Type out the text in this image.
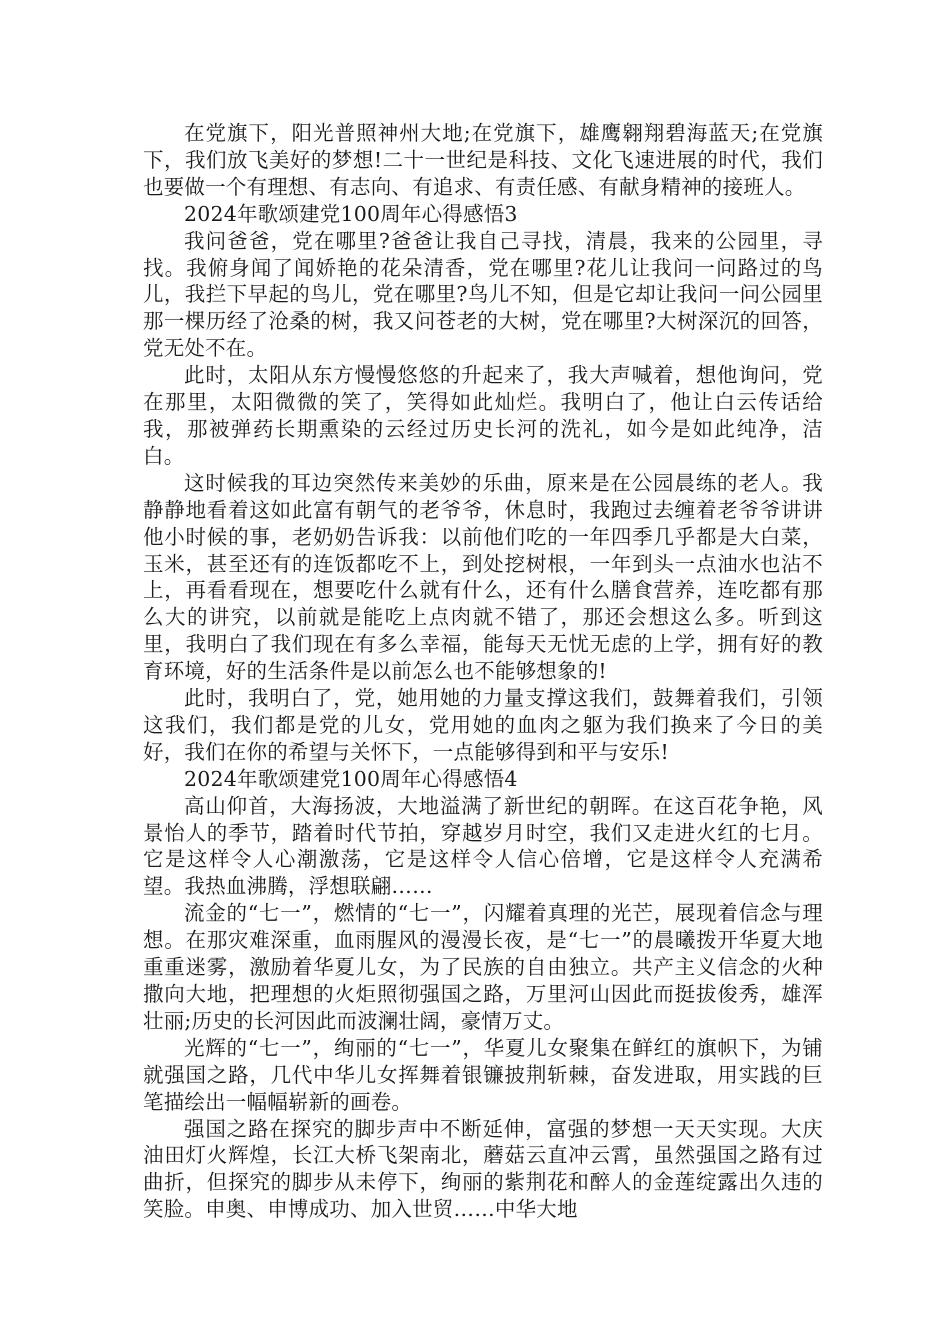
在党旗下，阳光普照神州大地;在党旗下，雄鹰翱翔碧海蓝天;在党旗下，我们放飞美好的梦想!二十一世纪是科技、文化飞速进展的时代，我们也要做一个有理想、有志向、有追求、有责任感、有献身精神的接班人。

2024年歌颂建党100周年心得感悟3

我问爸爸，党在哪里?爸爸让我自己寻找，清晨，我来的公园里，寻找。我俯身闻了闻娇艳的花朵清香，党在哪里?花儿让我问一问路过的鸟儿，我拦下早起的鸟儿，党在哪里?鸟儿不知，但是它却让我问一问公园里那一棵历经了沧桑的树，我又问苍老的大树，党在哪里?大树深沉的回答，党无处不在。

此时，太阳从东方慢慢悠悠的升起来了，我大声喊着，想他询问，党在那里，太阳微微的笑了，笑得如此灿烂。我明白了，他让白云传话给我，那被弹药长期熏染的云经过历史长河的洗礼，如今是如此纯净，洁白。

这时候我的耳边突然传来美妙的乐曲，原来是在公园晨练的老人。我静静地看着这如此富有朝气的老爷爷，休息时，我跑过去缠着老爷爷讲讲他小时候的事，老奶奶告诉我：以前他们吃的一年四季几乎都是大白菜，玉米，甚至还有的连饭都吃不上，到处挖树根，一年到头一点油水也沾不上，再看看现在，想要吃什么就有什么，还有什么膳食营养，连吃都有那么大的讲究，以前就是能吃上点肉就不错了，那还会想这么多。听到这里，我明白了我们现在有多么幸福，能每天无忧无虑的上学，拥有好的教育环境，好的生活条件是以前怎么也不能够想象的!

此时，我明白了，党，她用她的力量支撑这我们，鼓舞着我们，引领这我们，我们都是党的儿女，党用她的血肉之躯为我们换来了今日的美好，我们在你的希望与关怀下，一点能够得到和平与安乐!

2024年歌颂建党100周年心得感悟4

高山仰首，大海扬波，大地溢满了新世纪的朝晖。在这百花争艳，风景怡人的季节，踏着时代节拍，穿越岁月时空，我们又走进火红的七月。它是这样令人心潮激荡，它是这样令人信心倍增，它是这样令人充满希望。我热血沸腾，浮想联翩……

流金的“七一”，燃情的“七一”，闪耀着真理的光芒，展现着信念与理想。在那灾难深重，血雨腥风的漫漫长夜，是“七一”的晨曦拨开华夏大地重重迷雾，激励着华夏儿女，为了民族的自由独立。共产主义信念的火种撒向大地，把理想的火炬照彻强国之路，万里河山因此而挺拔俊秀，雄浑壮丽;历史的长河因此而波澜壮阔，豪情万丈。

光辉的“七一”，绚丽的“七一”，华夏儿女聚集在鲜红的旗帜下，为铺就强国之路，几代中华儿女挥舞着银镰披荆斩棘，奋发进取，用实践的巨笔描绘出一幅幅崭新的画卷。

强国之路在探究的脚步声中不断延伸，富强的梦想一天天实现。大庆油田灯火辉煌，长江大桥飞架南北，蘑菇云直冲云霄，虽然强国之路有过曲折，但探究的脚步从未停下，绚丽的紫荆花和醉人的金莲绽露出久违的笑脸。申奥、申博成功、加入世贸……中华大地
